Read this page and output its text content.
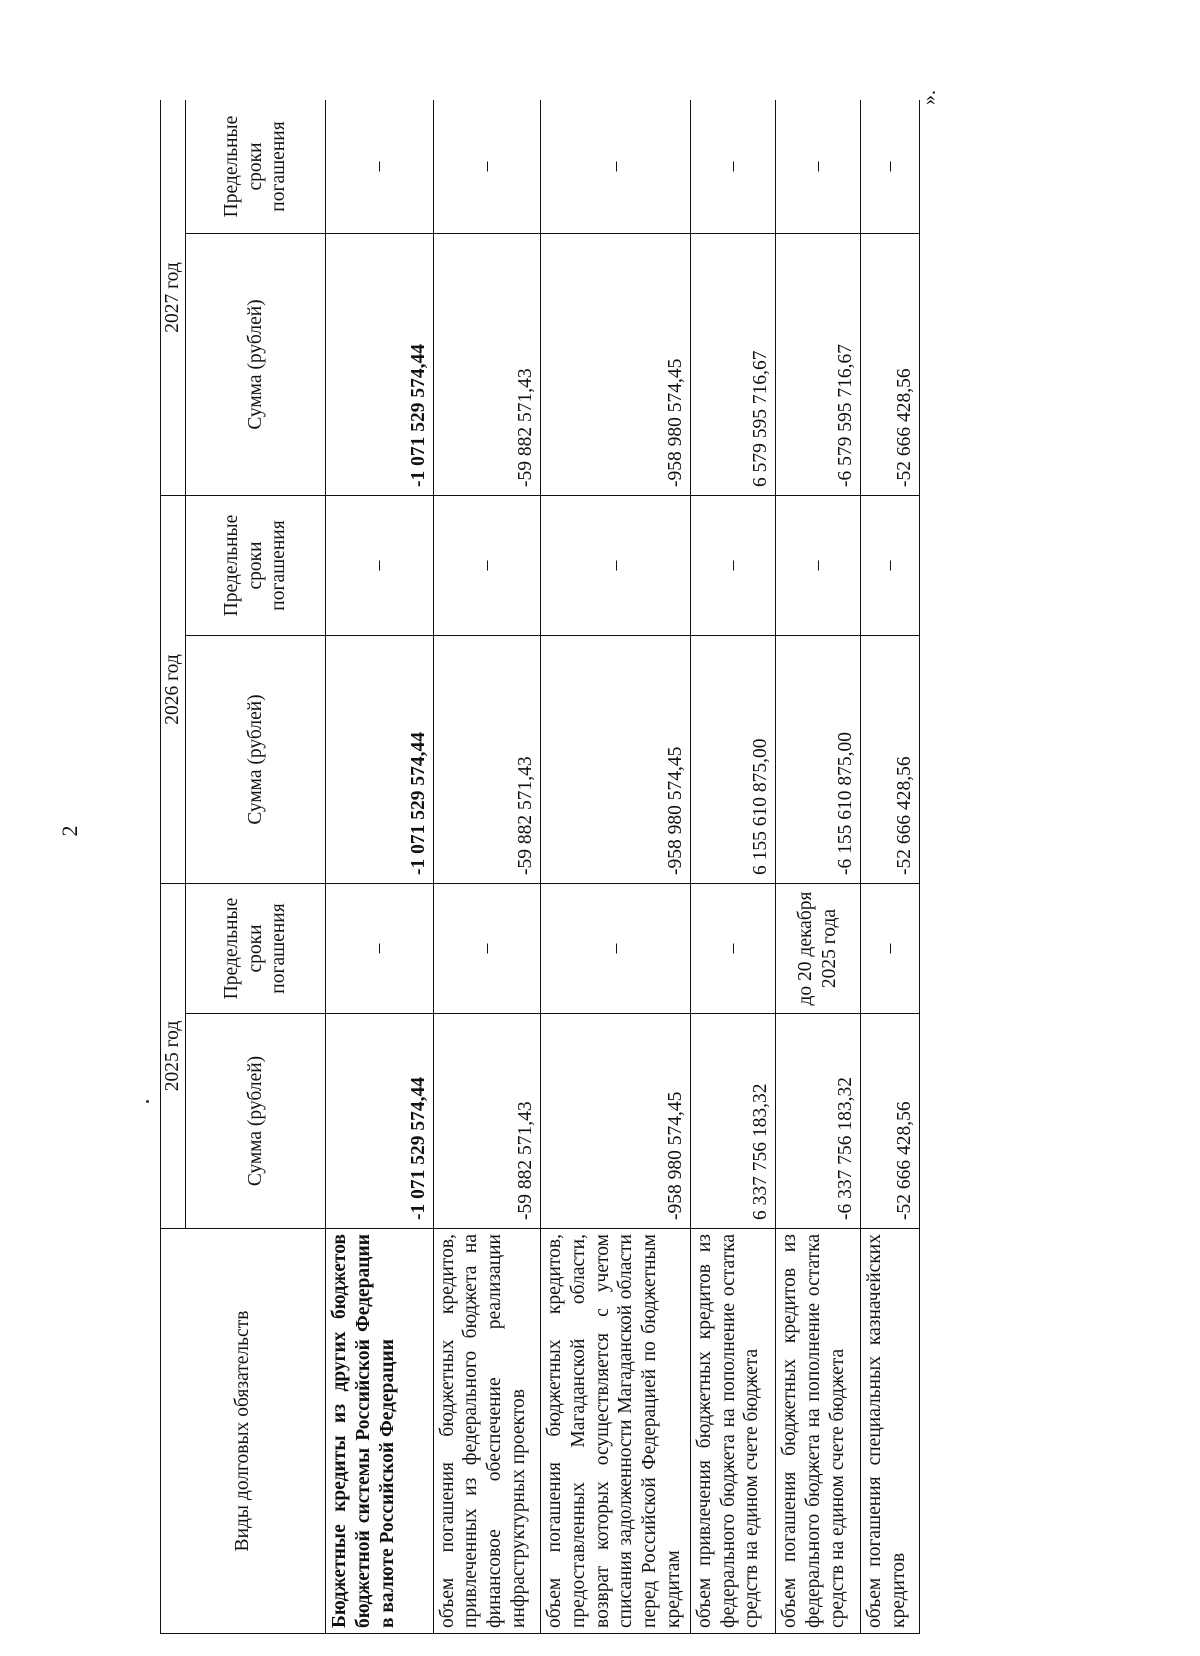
2
Виды долговых обязательств	2025 год		2026 год		2027 год	
	Сумма (рублей)	Предельные сроки погашения	Сумма (рублей)	Предельные сроки погашения	Сумма (рублей)	Предельные сроки погашения
Бюджетные кредиты из других бюджетов бюджетной системы Российской Федерации в валюте Российской Федерации	-1 071 529 574,44	–	-1 071 529 574,44	–	-1 071 529 574,44	–
объем погашения бюджетных кредитов, привлеченных из федерального бюджета на финансовое обеспечение реализации инфраструктурных проектов	-59 882 571,43	–	-59 882 571,43	–	-59 882 571,43	–
объем погашения бюджетных кредитов, предоставленных Магаданской области, возврат которых осуществляется с учетом списания задолженности Магаданской области перед Российской Федерацией по бюджетным кредитам	-958 980 574,45	–	-958 980 574,45	–	-958 980 574,45	–
объем привлечения бюджетных кредитов из федерального бюджета на пополнение остатка средств на едином счете бюджета	6 337 756 183,32	–	6 155 610 875,00	–	6 579 595 716,67	–
объем погашения бюджетных кредитов из федерального бюджета на пополнение остатка средств на едином счете бюджета	-6 337 756 183,32	до 20 декабря 2025 года	-6 155 610 875,00	–	-6 579 595 716,67	–
объем погашения специальных казначейских кредитов	-52 666 428,56	–	-52 666 428,56	–	-52 666 428,56	–
».
